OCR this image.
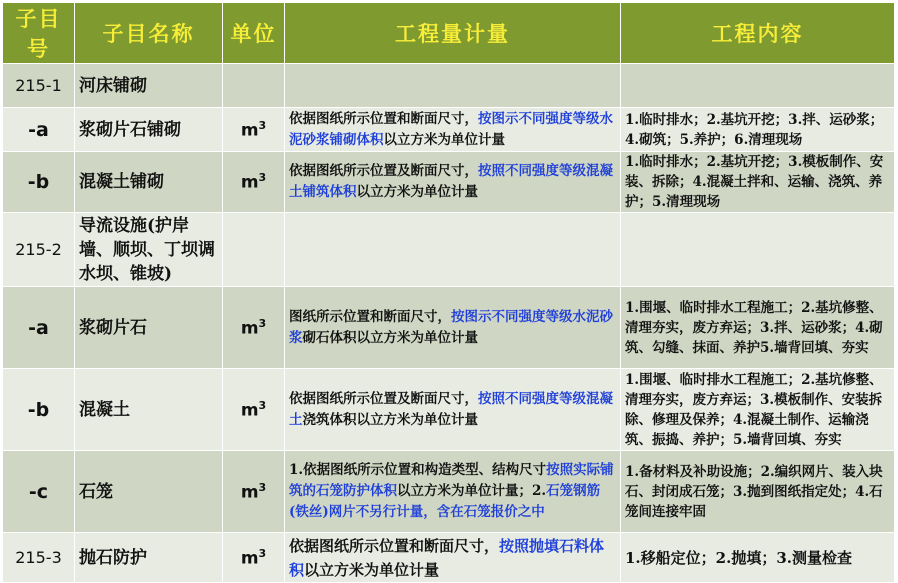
子目号	子目名称	单位	工程量计量	工程内容
215-1	河床铺砌			
-a	浆砌片石铺砌	$m^3$	依据图纸所示位置和断面尺寸，按图示不同强度等级水泥砂浆铺砌体积以立方米为单位计量	1.临时排水；2.基坑开挖；3.拌、运砂浆；4.砌筑；5.养护；6.清理现场
-b	混凝土铺砌	$m^3$	依据图纸所示位置及断面尺寸，按照不同强度等级混凝土铺筑体积以立方米为单位计量	1.临时排水；2.基坑开挖；3.模板制作、安装、拆除；4.混凝土拌和、运输、浇筑、养护；5.清理现场
215-2	导流设施(护岸墙、顺坝、丁坝调水坝、锥坡)			
-a	浆砌片石	$m^3$	图纸所示位置和断面尺寸，按图示不同强度等级水泥砂浆砌石体积以立方米为单位计量	1.围堰、临时排水工程施工；2.基坑修整、清理夯实，废方弃运；3.拌、运砂浆；4.砌筑、勾缝、抹面、养护5.墙背回填、夯实
-b	混凝土	$m^3$	依据图纸所示位置及断面尺寸，按照不同强度等级混凝土浇筑体积以立方米为单位计量	1.围堰、临时排水工程施工；2.基坑修整、清理夯实，废方弃运；3.模板制作、安装拆除、修理及保养；4.混凝土制作、运输浇筑、振捣、养护；5.墙背回填、夯实
-c	石笼	$m^3$	1.依据图纸所示位置和构造类型、结构尺寸按照实际铺筑的石笼防护体积以立方米为单位计量；2.石笼钢筋(铁丝)网片不另行计量，含在石笼报价之中	1.备材料及补助设施；2.编织网片、装入块石、封闭成石笼；3.抛到图纸指定处；4.石笼间连接牢固
215-3	抛石防护	$m^3$	依据图纸所示位置和断面尺寸，按照抛填石料体积以立方米为单位计量	1.移船定位；2.抛填；3.测量检查
